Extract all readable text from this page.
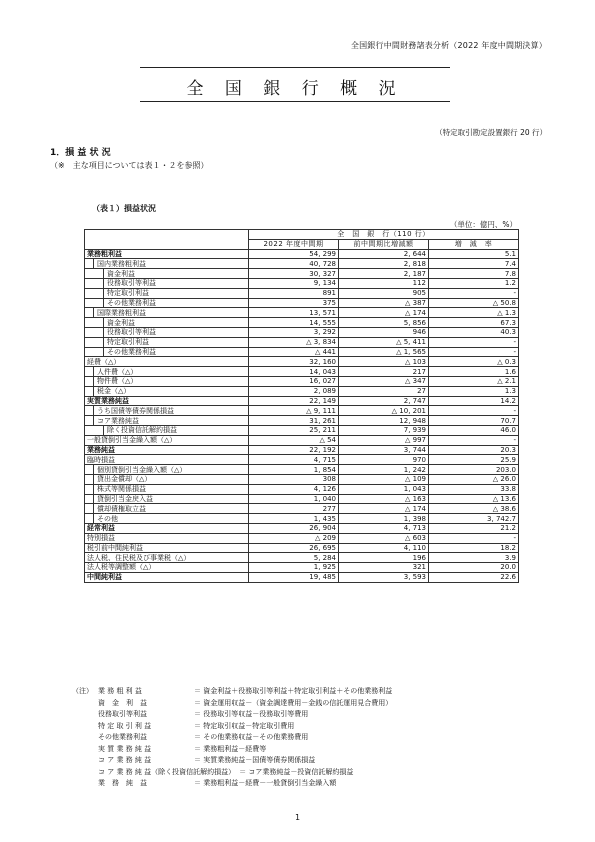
全国銀行中間財務諸表分析（2022 年度中間期決算）
全 国 銀 行 概 況
（特定取引勘定設置銀行 20 行）
1．損 益 状 況
（※　主な項目については表１・２を参照）
（表１）損益状況
（単位：億円、%）
	全　国　銀　行（110 行）		
	2022 年度中間期	前中間期比増減額	増　減　率
業務粗利益	54, 299	2, 644	5.1
国内業務粗利益	40, 728	2, 818	7.4
資金利益	30, 327	2, 187	7.8
役務取引等利益	9, 134	112	1.2
特定取引利益	891	905	-
その他業務利益	375	△ 387	△ 50.8
国際業務粗利益	13, 571	△ 174	△ 1.3
資金利益	14, 555	5, 856	67.3
役務取引等利益	3, 292	946	40.3
特定取引利益	△ 3, 834	△ 5, 411	-
その他業務利益	△ 441	△ 1, 565	-
経費（△）	32, 160	△ 103	△ 0.3
人件費（△）	14, 043	217	1.6
物件費（△）	16, 027	△ 347	△ 2.1
税金（△）	2, 089	27	1.3
実質業務純益	22, 149	2, 747	14.2
うち国債等債券関係損益	△ 9, 111	△ 10, 201	-
コア業務純益	31, 261	12, 948	70.7
除く投資信託解約損益	25, 211	7, 939	46.0
一般貸倒引当金繰入額（△）	△ 54	△ 997	-
業務純益	22, 192	3, 744	20.3
臨時損益	4, 715	970	25.9
個別貸倒引当金繰入額（△）	1, 854	1, 242	203.0
貸出金償却（△）	308	△ 109	△ 26.0
株式等関係損益	4, 126	1, 043	33.8
貸倒引当金戻入益	1, 040	△ 163	△ 13.6
償却債権取立益	277	△ 174	△ 38.6
その他	1, 435	1, 398	3, 742.7
経常利益	26, 904	4, 713	21.2
特別損益	△ 209	△ 603	-
税引前中間純利益	26, 695	4, 110	18.2
法人税、住民税及び事業税（△）	5, 284	196	3.9
法人税等調整額（△）	1, 925	321	20.0
中間純利益	19, 485	3, 593	22.6
（注） 業 務 粗 利 益	＝ 資金利益＋役務取引等利益＋特定取引利益＋その他業務利益
資　金　利　益	＝ 資金運用収益－（資金調達費用－金銭の信託運用見合費用）
役務取引等利益	＝ 役務取引等収益－役務取引等費用
特 定 取 引 利 益	＝ 特定取引収益－特定取引費用
その他業務利益	＝ その他業務収益－その他業務費用
実 質 業 務 純 益	＝ 業務粗利益－経費等
コ ア 業 務 純 益	＝ 実質業務純益－国債等債券関係損益
コ ア 業 務 純 益（除く投資信託解約損益） ＝ コア業務純益－投資信託解約損益
業　務　純　益	＝ 業務粗利益－経費－一般貸倒引当金繰入額
1
